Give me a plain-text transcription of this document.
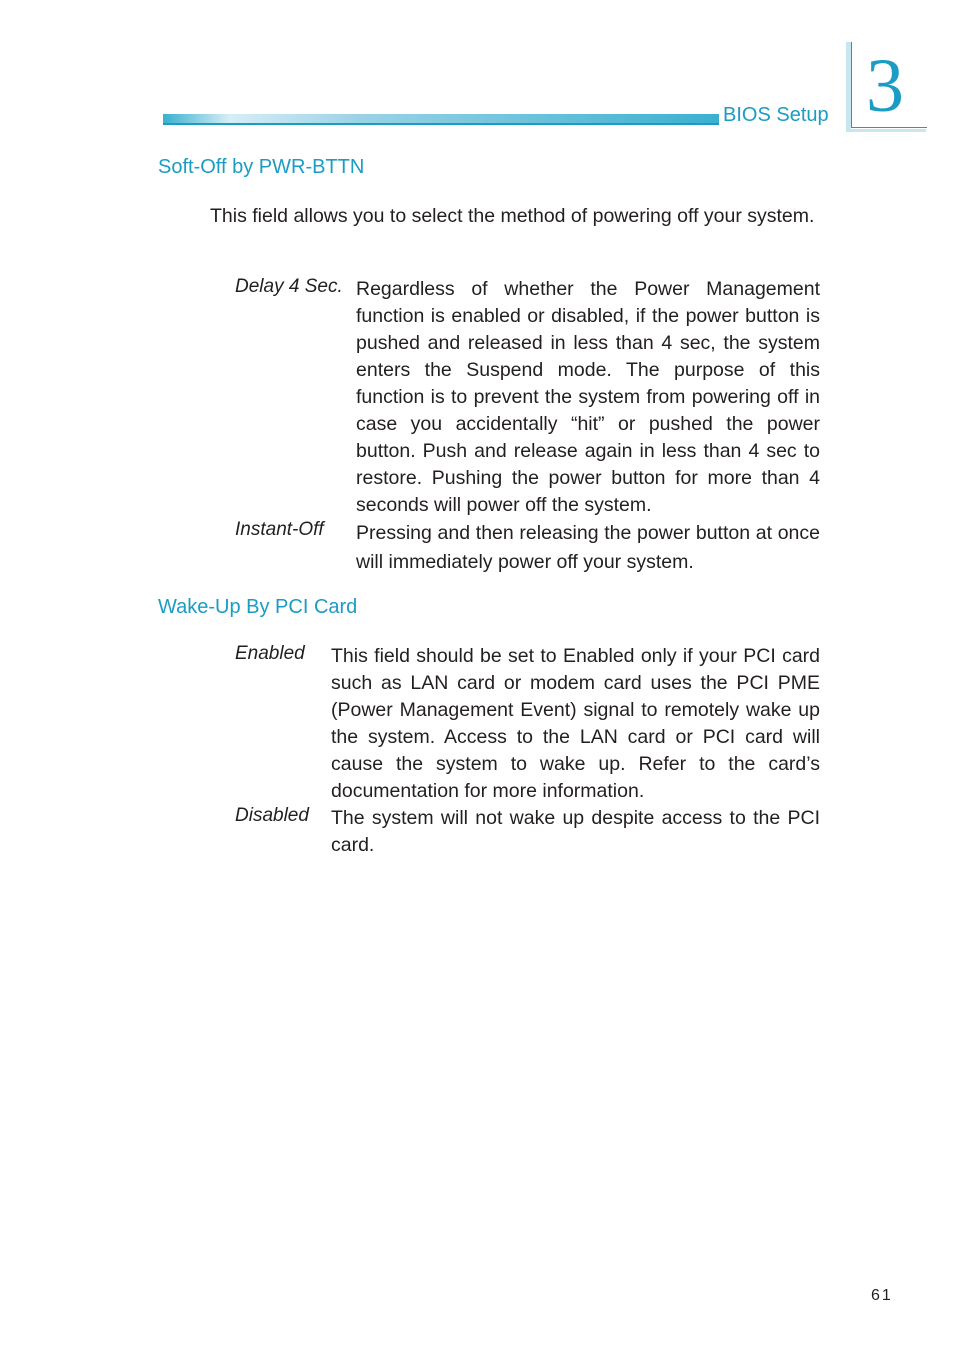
BIOS Setup 3
Soft-Off by PWR-BTTN
This field allows you to select the method of powering off your system.
Delay 4 Sec. Regardless of whether the Power Management function is enabled or disabled, if the power button is pushed and released in less than 4 sec, the system enters the Suspend mode. The purpose of this function is to prevent the system from powering off in case you accidentally “hit” or pushed the power button. Push and release again in less than 4 sec to restore. Pushing the power button for more than 4 seconds will power off the system.
Instant-Off Pressing and then releasing the power button at once will immediately power off your system.
Wake-Up By PCI Card
Enabled This field should be set to Enabled only if your PCI card such as LAN card or modem card uses the PCI PME (Power Management Event) signal to remotely wake up the system. Access to the LAN card or PCI card will cause the system to wake up. Refer to the card’s documentation for more information.
Disabled The system will not wake up despite access to the PCI card.
61
